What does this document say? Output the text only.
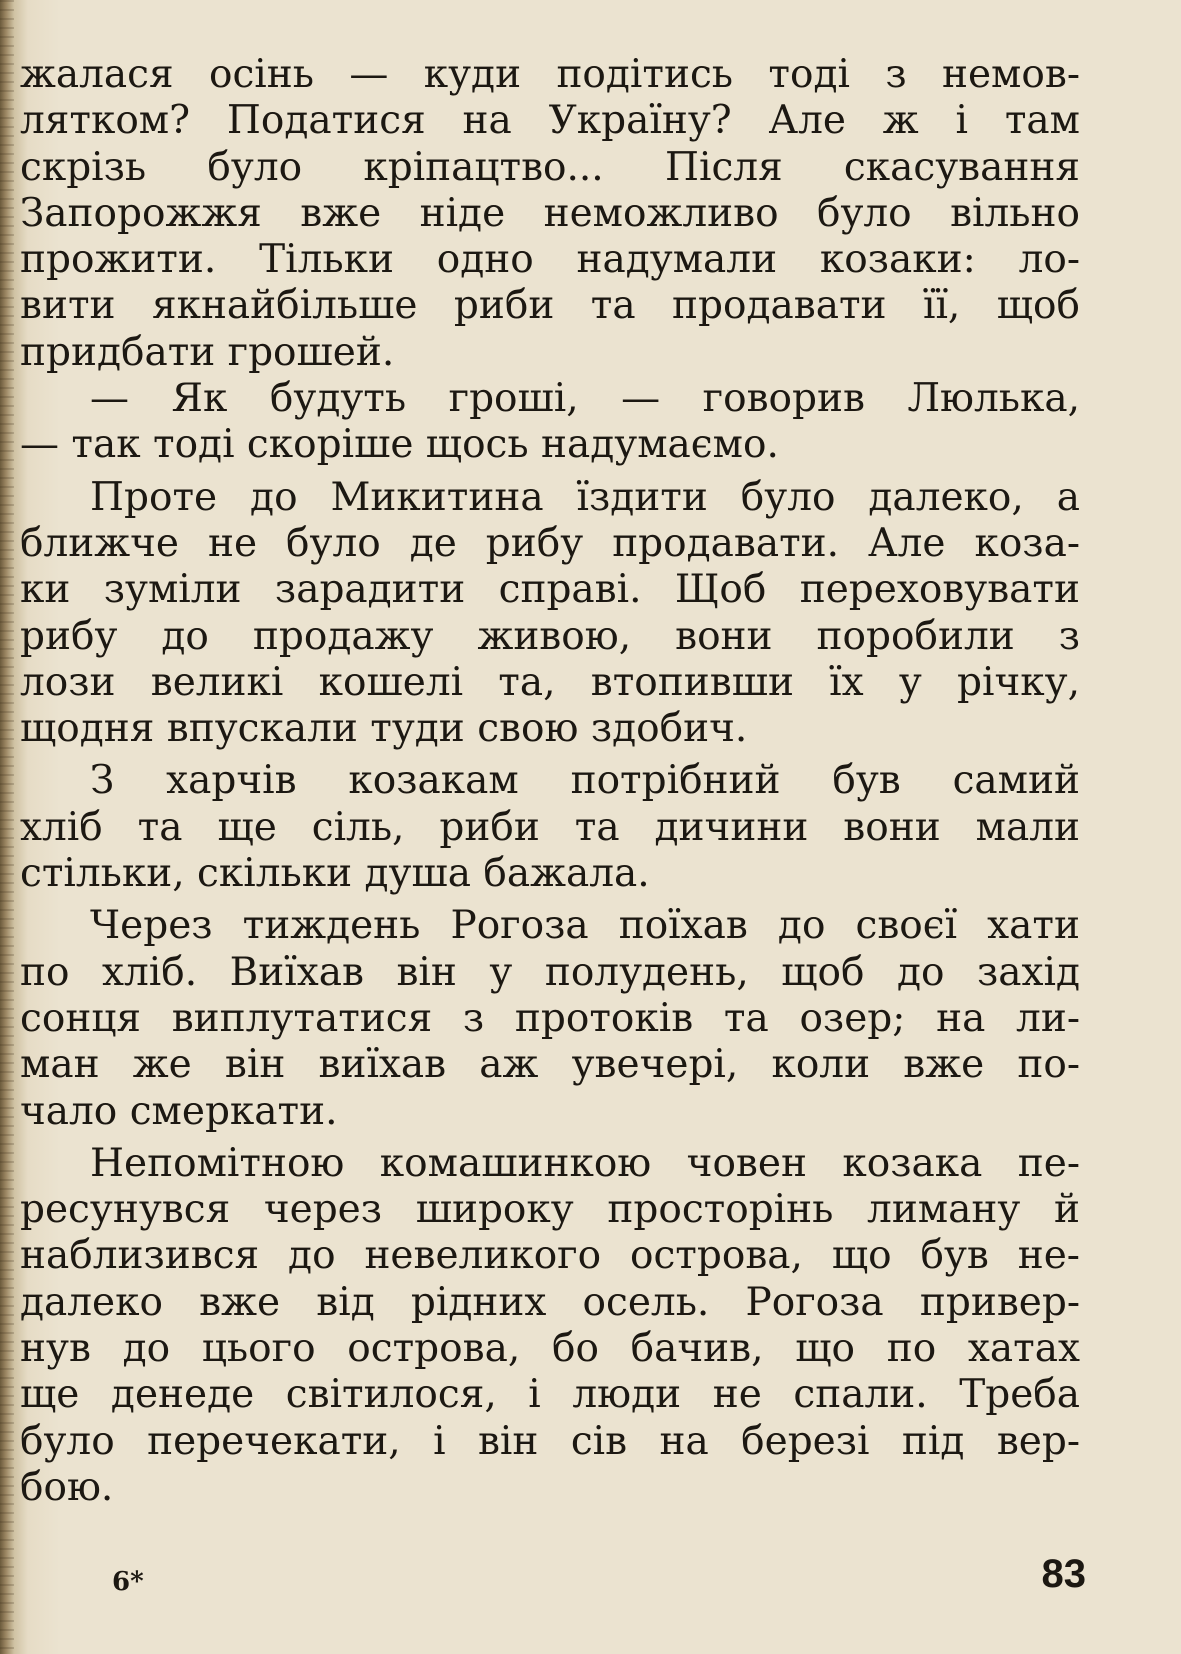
жалася осінь — куди подітись тоді з немов-
лятком? Податися на Україну? Але ж і там
скрізь було кріпацтво... Після скасування
Запорожжя вже ніде неможливо було вільно
прожити. Тільки одно надумали козаки: ло-
вити якнайбільше риби та продавати її, щоб
придбати грошей.
— Як будуть гроші, — говорив Люлька,
— так тоді скоріше щось надумаємо.
Проте до Микитина їздити було далеко, а
ближче не було де рибу продавати. Але коза-
ки зуміли зарадити справі. Щоб переховувати
рибу до продажу живою, вони поробили з
лози великі кошелі та, втопивши їх у річку,
щодня впускали туди свою здобич.
З харчів козакам потрібний був самий
хліб та ще сіль, риби та дичини вони мали
стільки, скільки душа бажала.
Через тиждень Рогоза поїхав до своєї хати
по хліб. Виїхав він у полудень, щоб до захід
сонця виплутатися з протоків та озер; на ли-
ман же він виїхав аж увечері, коли вже по-
чало смеркати.
Непомітною комашинкою човен козака пе-
ресунувся через широку просторінь лиману й
наблизився до невеликого острова, що був не-
далеко вже від рідних осель. Рогоза привер-
нув до цього острова, бо бачив, що по хатах
ще денеде світилося, і люди не спали. Треба
було перечекати, і він сів на березі під вер-
бою.
6*	83
